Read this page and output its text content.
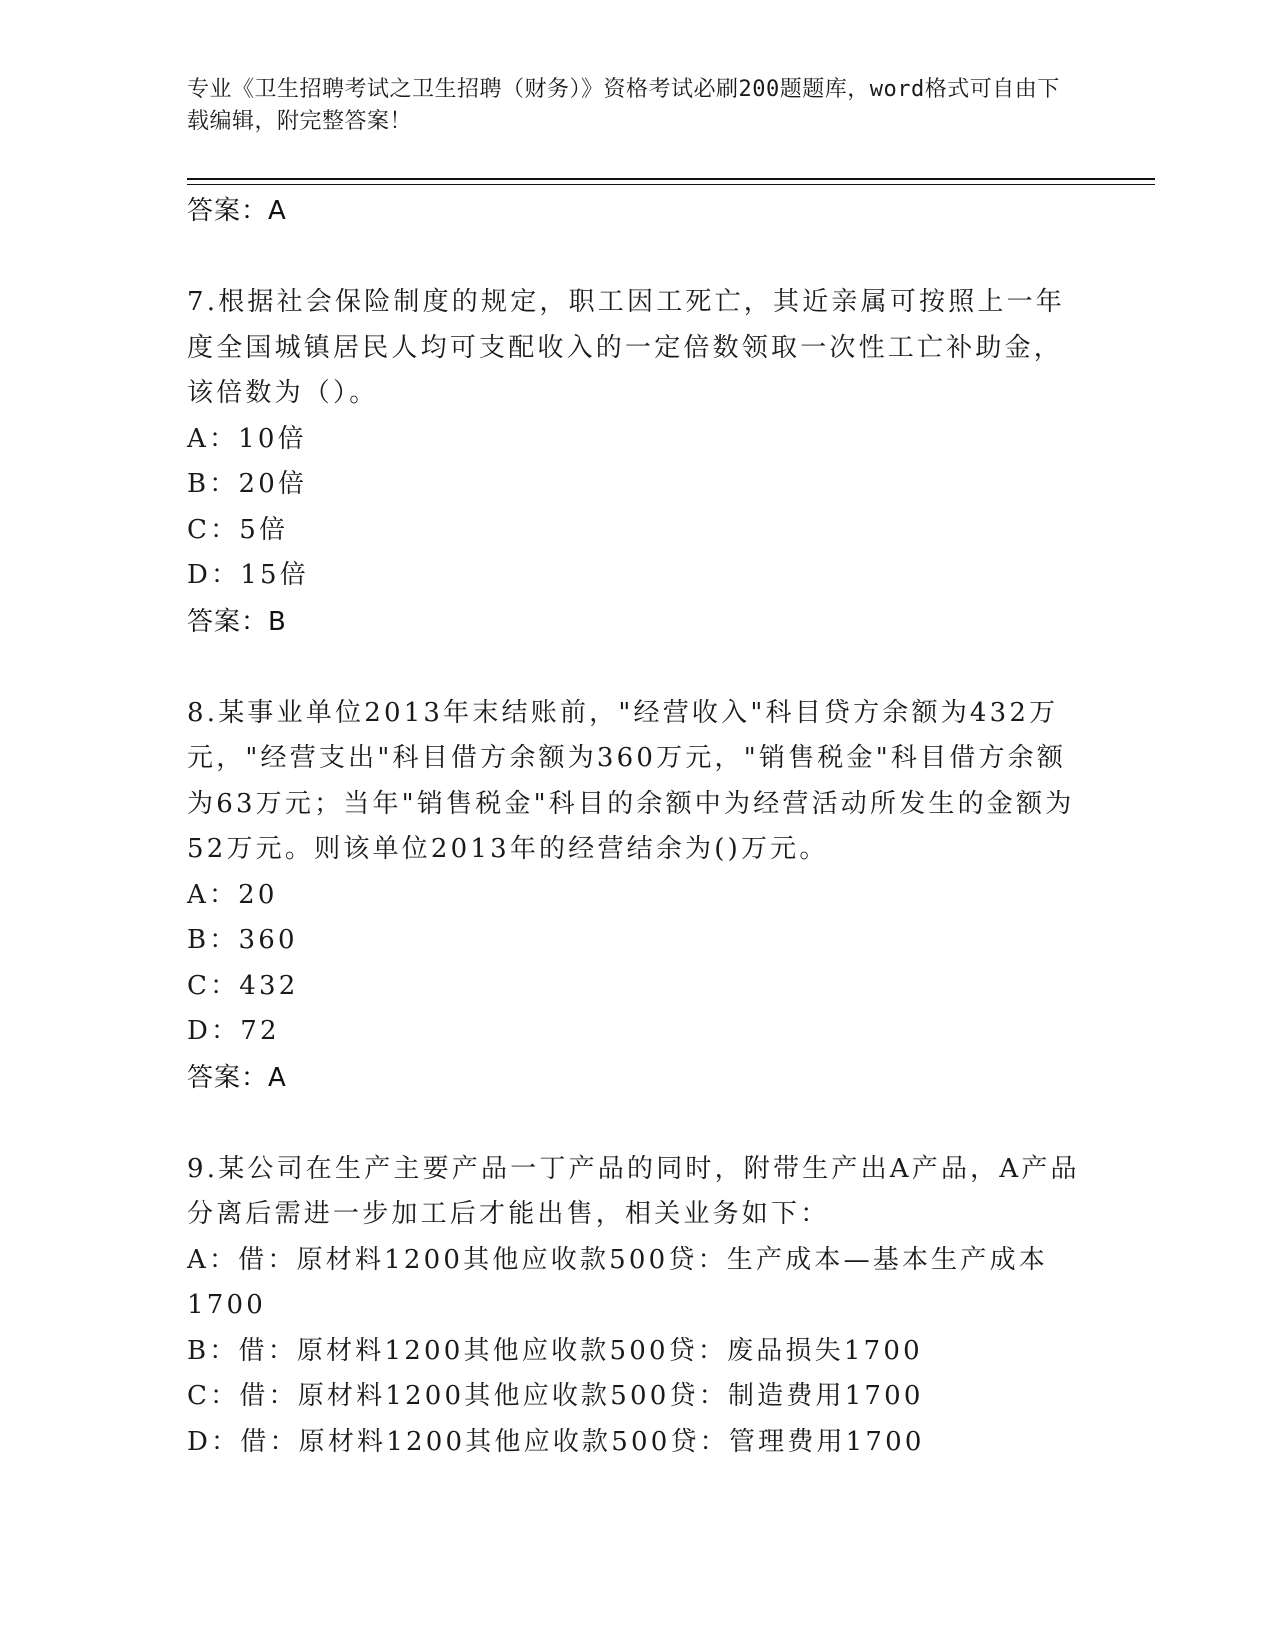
专业《卫生招聘考试之卫生招聘（财务）》资格考试必刷200题题库，word格式可自由下载编辑，附完整答案！

答案：A

7.根据社会保险制度的规定，职工因工死亡，其近亲属可按照上一年度全国城镇居民人均可支配收入的一定倍数领取一次性工亡补助金，该倍数为（）。

A：10倍

B：20倍

C：5倍

D：15倍

答案：B

8.某事业单位2013年末结账前，"经营收入"科目贷方余额为432万元，"经营支出"科目借方余额为360万元，"销售税金"科目借方余额为63万元；当年"销售税金"科目的余额中为经营活动所发生的金额为52万元。则该单位2013年的经营结余为()万元。

A：20

B：360

C：432

D：72

答案：A

9.某公司在生产主要产品一丁产品的同时，附带生产出A产品，A产品分离后需进一步加工后才能出售，相关业务如下：

A：借：原材料1200其他应收款500贷：生产成本—基本生产成本1700

B：借：原材料1200其他应收款500贷：废品损失1700

C：借：原材料1200其他应收款500贷：制造费用1700

D：借：原材料1200其他应收款500贷：管理费用1700
